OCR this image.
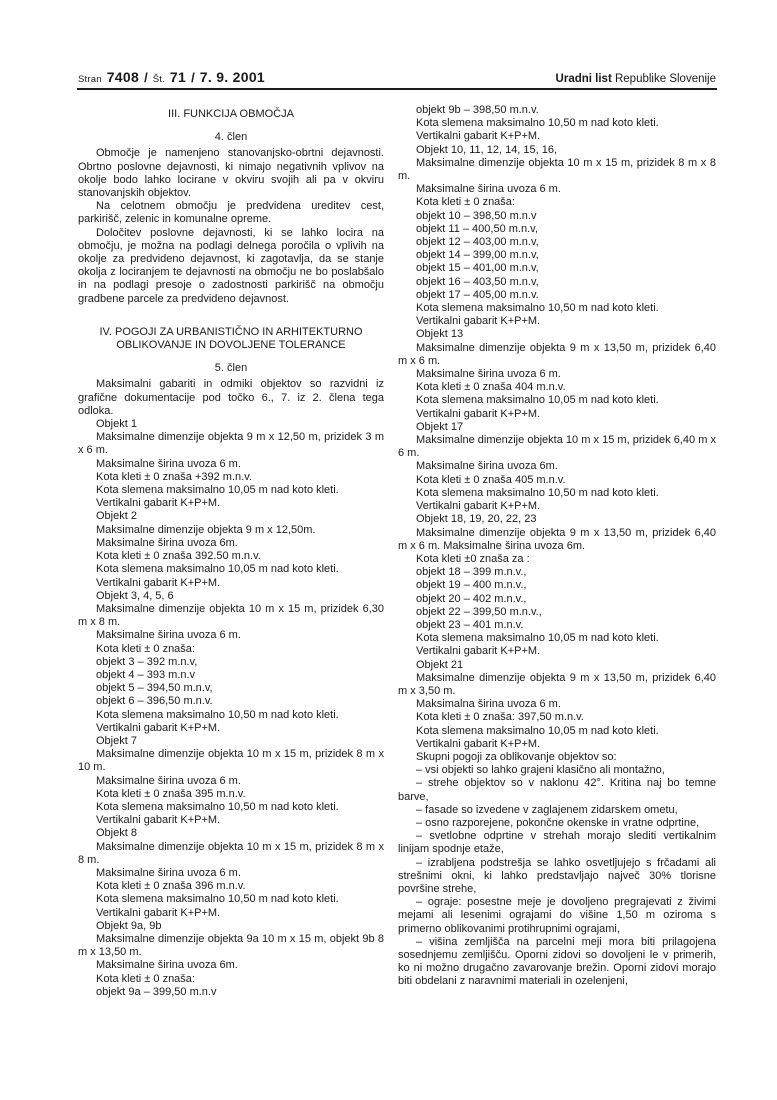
Stran 7408 / Št. 71 / 7. 9. 2001	Uradni list Republike Slovenije
III. FUNKCIJA OBMOČJA
4. člen
Območje je namenjeno stanovanjsko-obrtni dejavnosti. Obrtno poslovne dejavnosti, ki nimajo negativnih vplivov na okolje bodo lahko locirane v okviru svojih ali pa v okviru stanovanjskih objektov.
Na celotnem območju je predvidena ureditev cest, parkirišč, zelenic in komunalne opreme.
Določitev poslovne dejavnosti, ki se lahko locira na območju, je možna na podlagi delnega poročila o vplivih na okolje za predvideno dejavnost, ki zagotavlja, da se stanje okolja z lociranjem te dejavnosti na območju ne bo poslabšalo in na podlagi presoje o zadostnosti parkirišč na območju gradbene parcele za predvideno dejavnost.
IV. POGOJI ZA URBANISTIČNO IN ARHITEKTURNO OBLIKOVANJE IN DOVOLJENE TOLERANCE
5. člen
Maksimalni gabariti in odmiki objektov so razvidni iz grafične dokumentacije pod točko 6., 7. iz 2. člena tega odloka.
Objekt 1
Maksimalne dimenzije objekta 9 m x 12,50 m, prizidek 3 m x 6 m.
Maksimalne širina uvoza 6 m.
Kota kleti ± 0 znaša +392 m.n.v.
Kota slemena maksimalno 10,05 m nad koto kleti.
Vertikalni gabarit K+P+M.
Objekt 2
Maksimalne dimenzije objekta 9 m x 12,50m.
Maksimalne širina uvoza 6m.
Kota kleti ± 0 znaša 392.50 m.n.v.
Kota slemena maksimalno 10,05 m nad koto kleti.
Vertikalni gabarit K+P+M.
Objekt 3, 4, 5, 6
Maksimalne dimenzije objekta 10 m x 15 m, prizidek 6,30 m x 8 m.
Maksimalne širina uvoza 6 m.
Kota kleti ± 0 znaša:
objekt 3 – 392 m.n.v,
objekt 4 – 393 m.n.v
objekt 5 – 394,50 m.n.v,
objekt 6 – 396,50 m.n.v.
Kota slemena maksimalno 10,50 m nad koto kleti.
Vertikalni gabarit K+P+M.
Objekt 7
Maksimalne dimenzije objekta 10 m x 15 m, prizidek 8 m x 10 m.
Maksimalne širina uvoza 6 m.
Kota kleti ± 0 znaša 395 m.n.v.
Kota slemena maksimalno 10,50 m nad koto kleti.
Vertikalni gabarit K+P+M.
Objekt 8
Maksimalne dimenzije objekta 10 m x 15 m, prizidek 8 m x 8 m.
Maksimalne širina uvoza 6 m.
Kota kleti ± 0 znaša 396 m.n.v.
Kota slemena maksimalno 10,50 m nad koto kleti.
Vertikalni gabarit K+P+M.
Objekt 9a, 9b
Maksimalne dimenzije objekta 9a 10 m x 15 m, objekt 9b 8 m x 13,50 m.
Maksimalne širina uvoza 6m.
Kota kleti ± 0 znaša:
objekt 9a – 399,50 m.n.v
objekt 9b – 398,50 m.n.v.
Kota slemena maksimalno 10,50 m nad koto kleti.
Vertikalni gabarit K+P+M.
Objekt 10, 11, 12, 14, 15, 16,
Maksimalne dimenzije objekta 10 m x 15 m, prizidek 8 m x 8 m.
Maksimalne širina uvoza 6 m.
Kota kleti ± 0 znaša:
objekt 10 – 398,50 m.n.v
objekt 11 – 400,50 m.n.v,
objekt 12 – 403,00 m.n.v,
objekt 14 – 399,00 m.n.v,
objekt 15 – 401,00 m.n.v,
objekt 16 – 403,50 m.n.v,
objekt 17 – 405,00 m.n.v.
Kota slemena maksimalno 10,50 m nad koto kleti.
Vertikalni gabarit K+P+M.
Objekt 13
Maksimalne dimenzije objekta 9 m x 13,50 m, prizidek 6,40 m x 6 m.
Maksimalne širina uvoza 6 m.
Kota kleti ± 0 znaša 404 m.n.v.
Kota slemena maksimalno 10,05 m nad koto kleti.
Vertikalni gabarit K+P+M.
Objekt 17
Maksimalne dimenzije objekta 10 m x 15 m, prizidek 6,40 m x 6 m.
Maksimalne širina uvoza 6m.
Kota kleti ± 0 znaša 405 m.n.v.
Kota slemena maksimalno 10,50 m nad koto kleti.
Vertikalni gabarit K+P+M.
Objekt 18, 19, 20, 22, 23
Maksimalne dimenzije objekta 9 m x 13,50 m, prizidek 6,40 m x 6 m. Maksimalne širina uvoza 6m.
Kota kleti ±0 znaša za :
objekt 18 – 399 m.n.v.,
objekt 19 – 400 m.n.v.,
objekt 20 – 402 m.n.v.,
objekt 22 – 399,50 m.n.v.,
objekt 23 – 401 m.n.v.
Kota slemena maksimalno 10,05 m nad koto kleti.
Vertikalni gabarit K+P+M.
Objekt 21
Maksimalne dimenzije objekta 9 m x 13,50 m, prizidek 6,40 m x 3,50 m.
Maksimalna širina uvoza 6 m.
Kota kleti ± 0 znaša: 397,50 m.n.v.
Kota slemena maksimalno 10,05 m nad koto kleti.
Vertikalni gabarit K+P+M.
Skupni pogoji za oblikovanje objektov so:
– vsi objekti so lahko grajeni klasično ali montažno,
– strehe objektov so v naklonu 42°. Kritina naj bo temne barve,
– fasade so izvedene v zaglajenem zidarskem ometu,
– osno razporejene, pokončne okenske in vratne odprtine,
– svetlobne odprtine v strehah morajo slediti vertikalnim linijam spodnje etaže,
– izrabljena podstrešja se lahko osvetljujejo s frčadami ali strešnimi okni, ki lahko predstavljajo največ 30% tlorisne površine strehe,
– ograje: posestne meje je dovoljeno pregrajevati z živimi mejami ali lesenimi ograjami do višine 1,50 m oziroma s primerno oblikovanimi protihrupnimi ograjami,
– višina zemljišča na parcelni meji mora biti prilagojena sosednjemu zemljišču. Oporni zidovi so dovoljeni le v primerih, ko ni možno drugačno zavarovanje brežin. Oporni zidovi morajo biti obdelani z naravnimi materiali in ozelenjeni,
